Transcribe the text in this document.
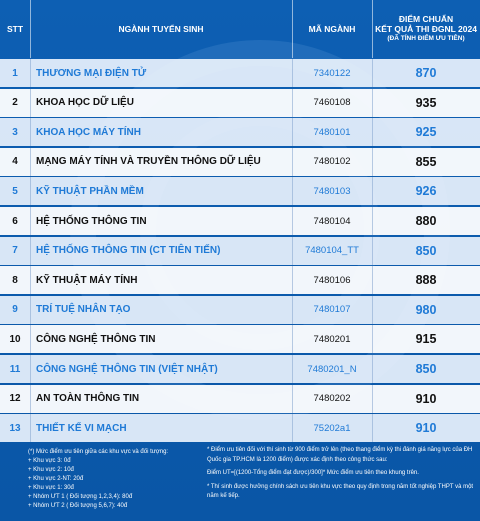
STT	NGÀNH TUYỂN SINH	MÃ NGÀNH
ĐIỂM CHUẨN
KẾT QUẢ THI ĐGNL 2024
(ĐÃ TÍNH ĐIỂM ƯU TIÊN)
1	THƯƠNG MẠI ĐIỆN TỬ	7340122	870
2	KHOA HỌC DỮ LIỆU	7460108	935
3	KHOA HỌC MÁY TÍNH	7480101	925
4	MẠNG MÁY TÍNH VÀ TRUYỀN THÔNG DỮ LIỆU	7480102	855
5	KỸ THUẬT PHẦN MỀM	7480103	926
6	HỆ THỐNG THÔNG TIN	7480104	880
7	HỆ THỐNG THÔNG TIN (CT TIÊN TIẾN)	7480104_TT	850
8	KỸ THUẬT MÁY TÍNH	7480106	888
9	TRÍ TUỆ NHÂN TẠO	7480107	980
10	CÔNG NGHỆ THÔNG TIN	7480201	915
11	CÔNG NGHỆ THÔNG TIN (VIỆT NHẬT)	7480201_N	850
12	AN TOÀN THÔNG TIN	7480202	910
13	THIẾT KẾ VI MẠCH	75202a1	910
(*) Mức điểm ưu tiên giữa các khu vực và đối tượng:
+ Khu vực 3: 0đ
+ Khu vực 2: 10đ
+ Khu vực 2-NT: 20đ
+ Khu vực 1: 30đ
+ Nhóm ƯT 1 ( Đối tượng 1,2,3,4): 80đ
+ Nhóm ƯT 2 ( Đối tượng 5,6,7): 40đ

* Điểm ưu tiên đối với thí sinh từ 900 điểm trở lên (theo thang điểm kỳ thi đánh giá năng lực của ĐH Quốc gia TP.HCM là 1200 điểm) được xác định theo công thức sau:

Điểm UT=[(1200-Tổng điểm đạt được)/300]* Mức điểm ưu tiên theo khung trên.

* Thí sinh được hưởng chính sách ưu tiên khu vực theo quy định trong năm tốt nghiệp THPT và một năm kế tiếp.
